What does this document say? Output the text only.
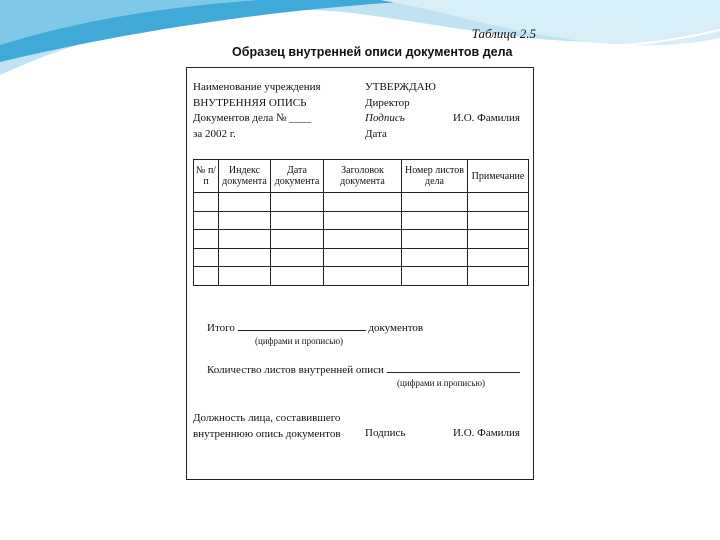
Таблица 2.5
Образец внутренней описи документов дела
Наименование учреждения
ВНУТРЕННЯЯ ОПИСЬ
Документов дела № ____
за 2002 г.
УТВЕРЖДАЮ
Директор
Подпись
Дата
И.О. Фамилия
№ п/п	Индекс документа	Дата документа	Заголовок документа	Номер листов дела	Примечание

Итого	документов
(цифрами и прописью)
Количество листов внутренней описи
(цифрами и прописью)
Должность лица, составившего
внутреннюю опись документов Подпись	И.О. Фамилия
